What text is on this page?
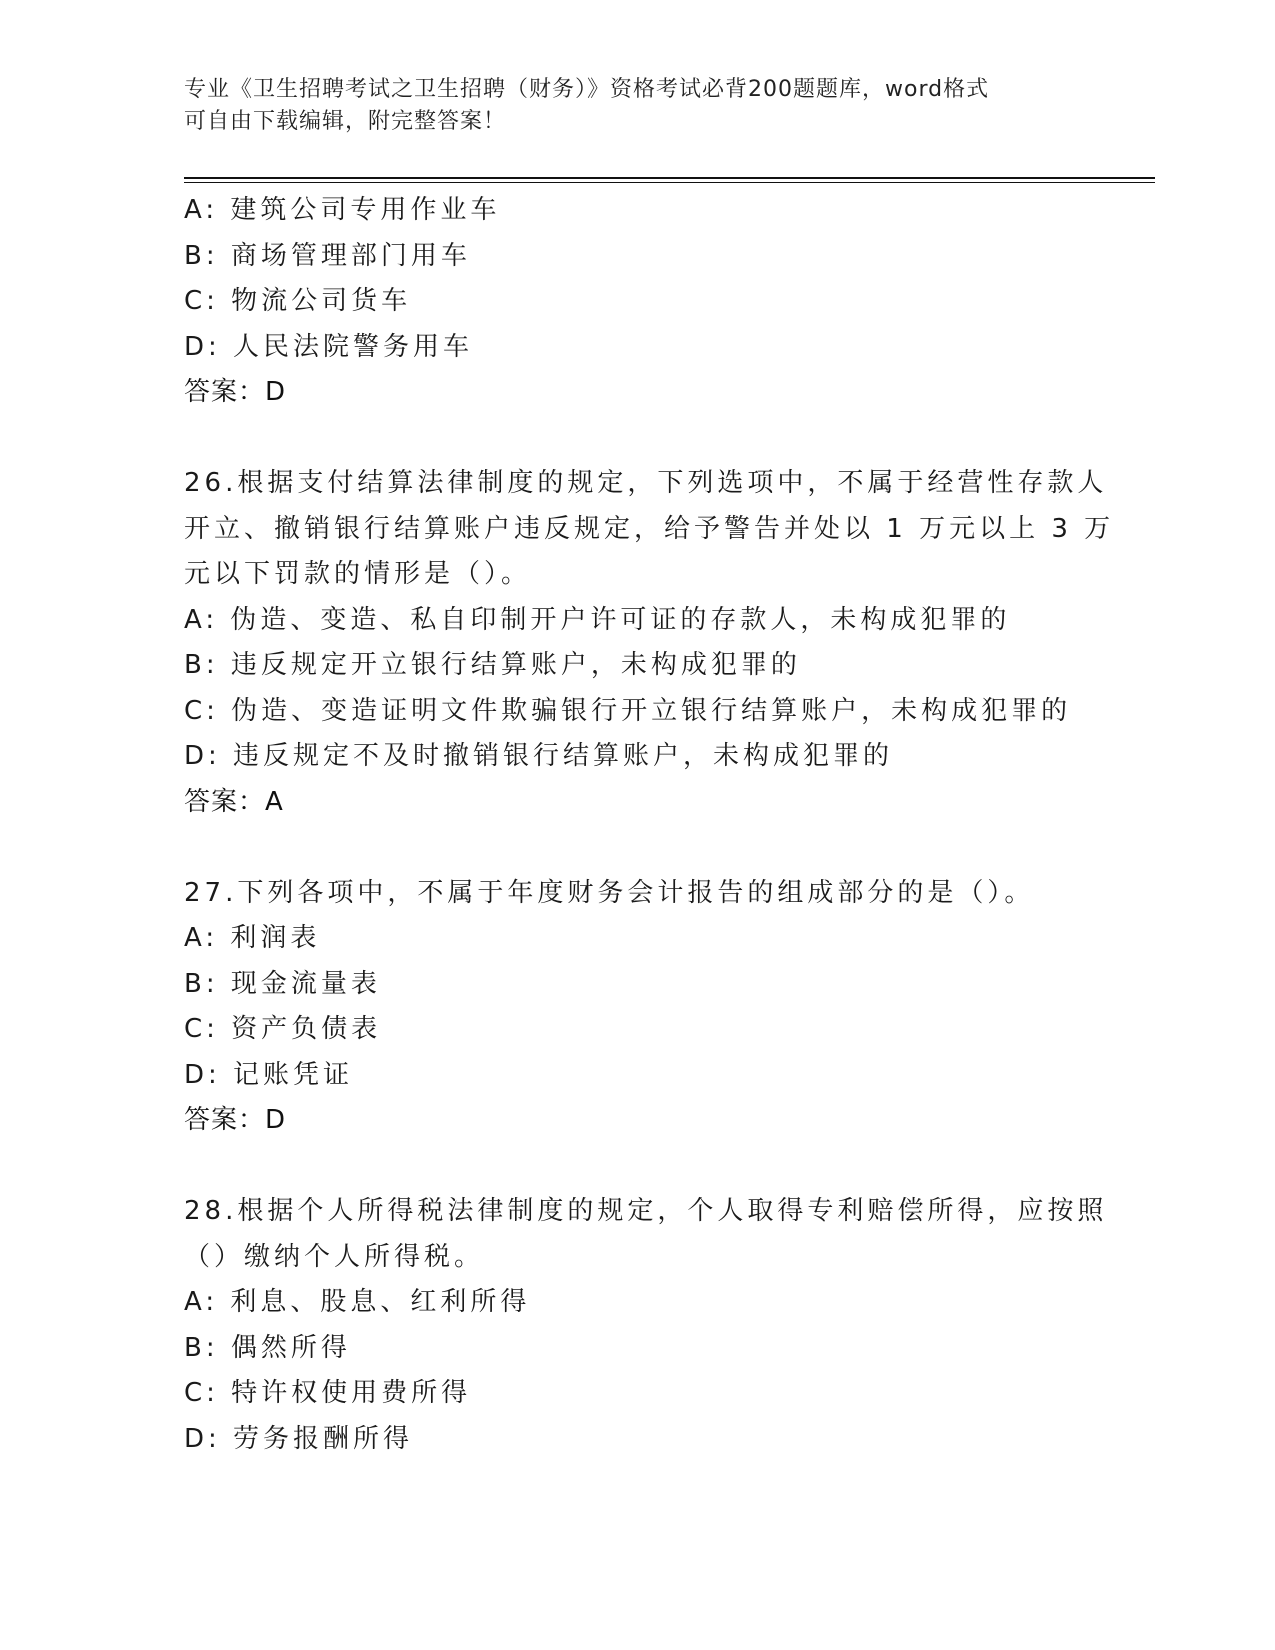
专业《卫生招聘考试之卫生招聘（财务）》资格考试必背200题题库，word格式
可自由下载编辑，附完整答案！
A: 建筑公司专用作业车
B: 商场管理部门用车
C: 物流公司货车
D: 人民法院警务用车
答案：D
26.根据支付结算法律制度的规定，下列选项中，不属于经营性存款人
开立、撤销银行结算账户违反规定，给予警告并处以 1 万元以上 3 万
元以下罚款的情形是（）。
A: 伪造、变造、私自印制开户许可证的存款人，未构成犯罪的
B: 违反规定开立银行结算账户，未构成犯罪的
C: 伪造、变造证明文件欺骗银行开立银行结算账户，未构成犯罪的
D: 违反规定不及时撤销银行结算账户，未构成犯罪的
答案：A
27.下列各项中，不属于年度财务会计报告的组成部分的是（）。
A: 利润表
B: 现金流量表
C: 资产负债表
D: 记账凭证
答案：D
28.根据个人所得税法律制度的规定，个人取得专利赔偿所得，应按照
（）缴纳个人所得税。
A: 利息、股息、红利所得
B: 偶然所得
C: 特许权使用费所得
D: 劳务报酬所得
